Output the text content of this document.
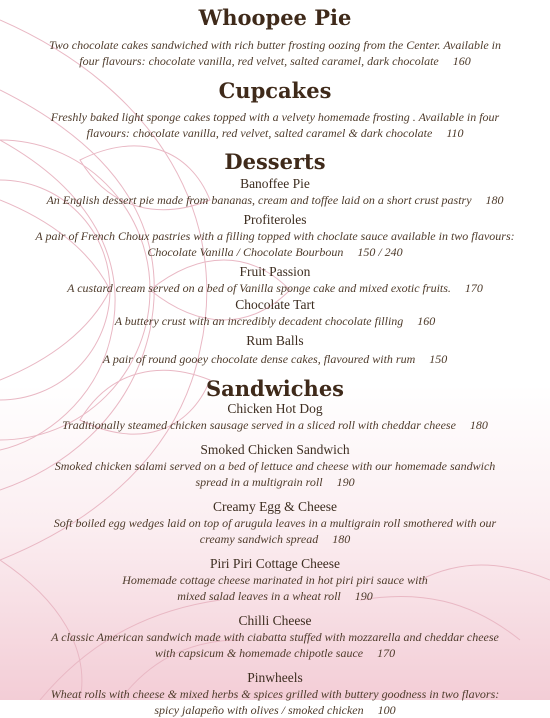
Whoopee Pie

Two chocolate cakes sandwiched with rich butter frosting oozing from the Center. Available in

four flavours: chocolate vanilla, red velvet, salted caramel, dark chocolate 160

Cupcakes

Freshly baked light sponge cakes topped with a velvety homemade frosting . Available in four

flavours: chocolate vanilla, red velvet, salted caramel & dark chocolate 110

Desserts

Banoffee Pie

An English dessert pie made from bananas, cream and toffee laid on a short crust pastry 180

Profiteroles

A pair of French Choux pastries with a filling topped with choclate sauce available in two flavours:

Chocolate Vanilla / Chocolate Bourboun 150 / 240

Fruit Passion

A custard cream served on a bed of Vanilla sponge cake and mixed exotic fruits. 170

Chocolate Tart

A buttery crust with an incredibly decadent chocolate filling 160

Rum Balls

A pair of round gooey chocolate dense cakes, flavoured with rum 150

Sandwiches

Chicken Hot Dog

Traditionally steamed chicken sausage served in a sliced roll with cheddar cheese 180

Smoked Chicken Sandwich

Smoked chicken salami served on a bed of lettuce and cheese with our homemade sandwich

spread in a multigrain roll 190

Creamy Egg & Cheese

Soft boiled egg wedges laid on top of arugula leaves in a multigrain roll smothered with our

creamy sandwich spread 180

Piri Piri Cottage Cheese

Homemade cottage cheese marinated in hot piri piri sauce with

mixed salad leaves in a wheat roll 190

Chilli Cheese

A classic American sandwich made with ciabatta stuffed with mozzarella and cheddar cheese

with capsicum & homemade chipotle sauce 170

Pinwheels

Wheat rolls with cheese & mixed herbs & spices grilled with buttery goodness in two flavors:

spicy jalapeño with olives / smoked chicken 100
